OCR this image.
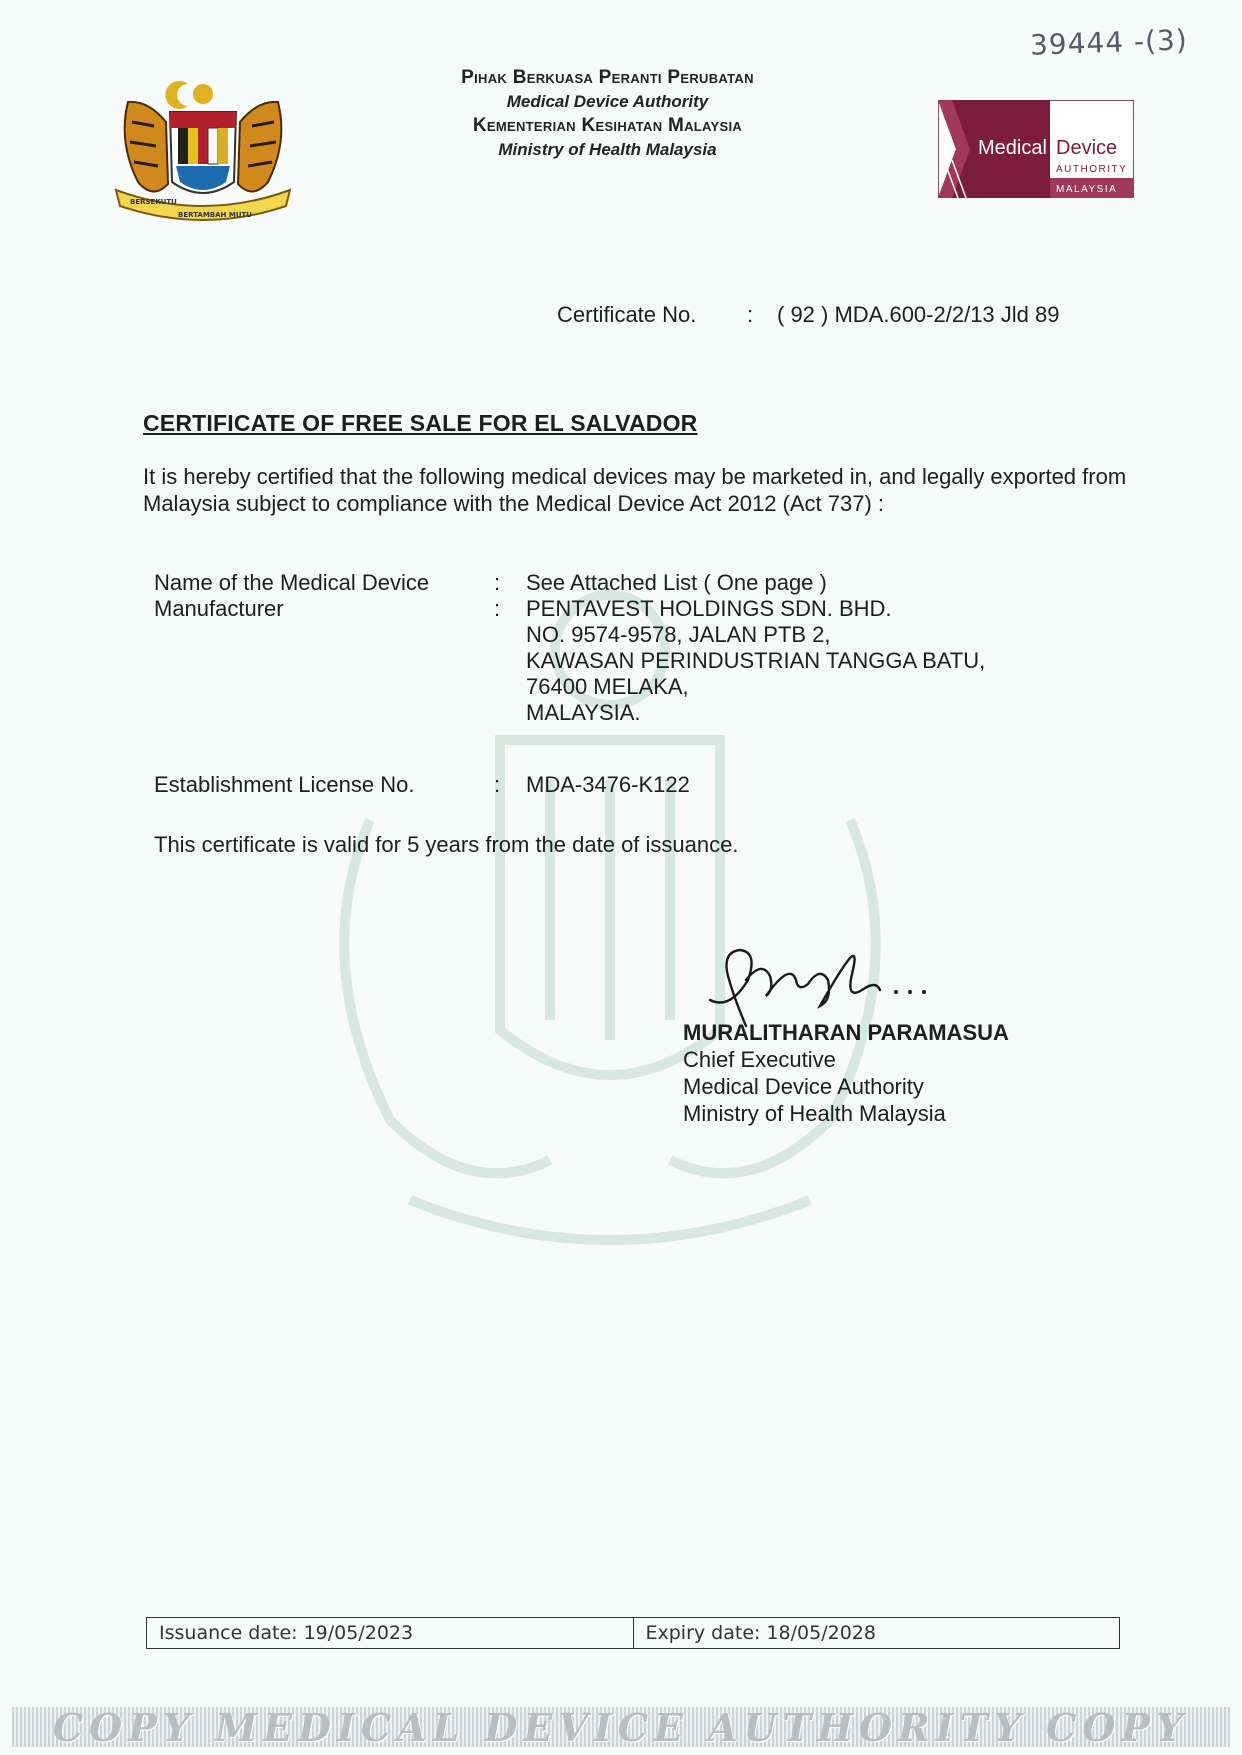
39444 -(3)
BERSEKUTU
BERTAMBAH MUTU
Pihak Berkuasa Peranti Perubatan
Medical Device Authority
Kementerian Kesihatan Malaysia
Ministry of Health Malaysia	Medical Device
AUTHORITY
MALAYSIA
Certificate No. : ( 92 ) MDA.600-2/2/13 Jld 89
CERTIFICATE OF FREE SALE FOR EL SALVADOR
It is hereby certified that the following medical devices may be marketed in, and legally exported from Malaysia subject to compliance with the Medical Device Act 2012 (Act 737) :
Name of the Medical Device	:	See Attached List ( One page )
Manufacturer	:	PENTAVEST HOLDINGS SDN. BHD.
NO. 9574-9578, JALAN PTB 2,
KAWASAN PERINDUSTRIAN TANGGA BATU,
76400 MELAKA,
MALAYSIA.
Establishment License No.	:	MDA-3476-K122
This certificate is valid for 5 years from the date of issuance.
MURALITHARAN PARAMASUA
Chief Executive
Medical Device Authority
Ministry of Health Malaysia
Issuance date: 19/05/2023	Expiry date: 18/05/2028
COPY MEDICAL DEVICE AUTHORITY COPY
